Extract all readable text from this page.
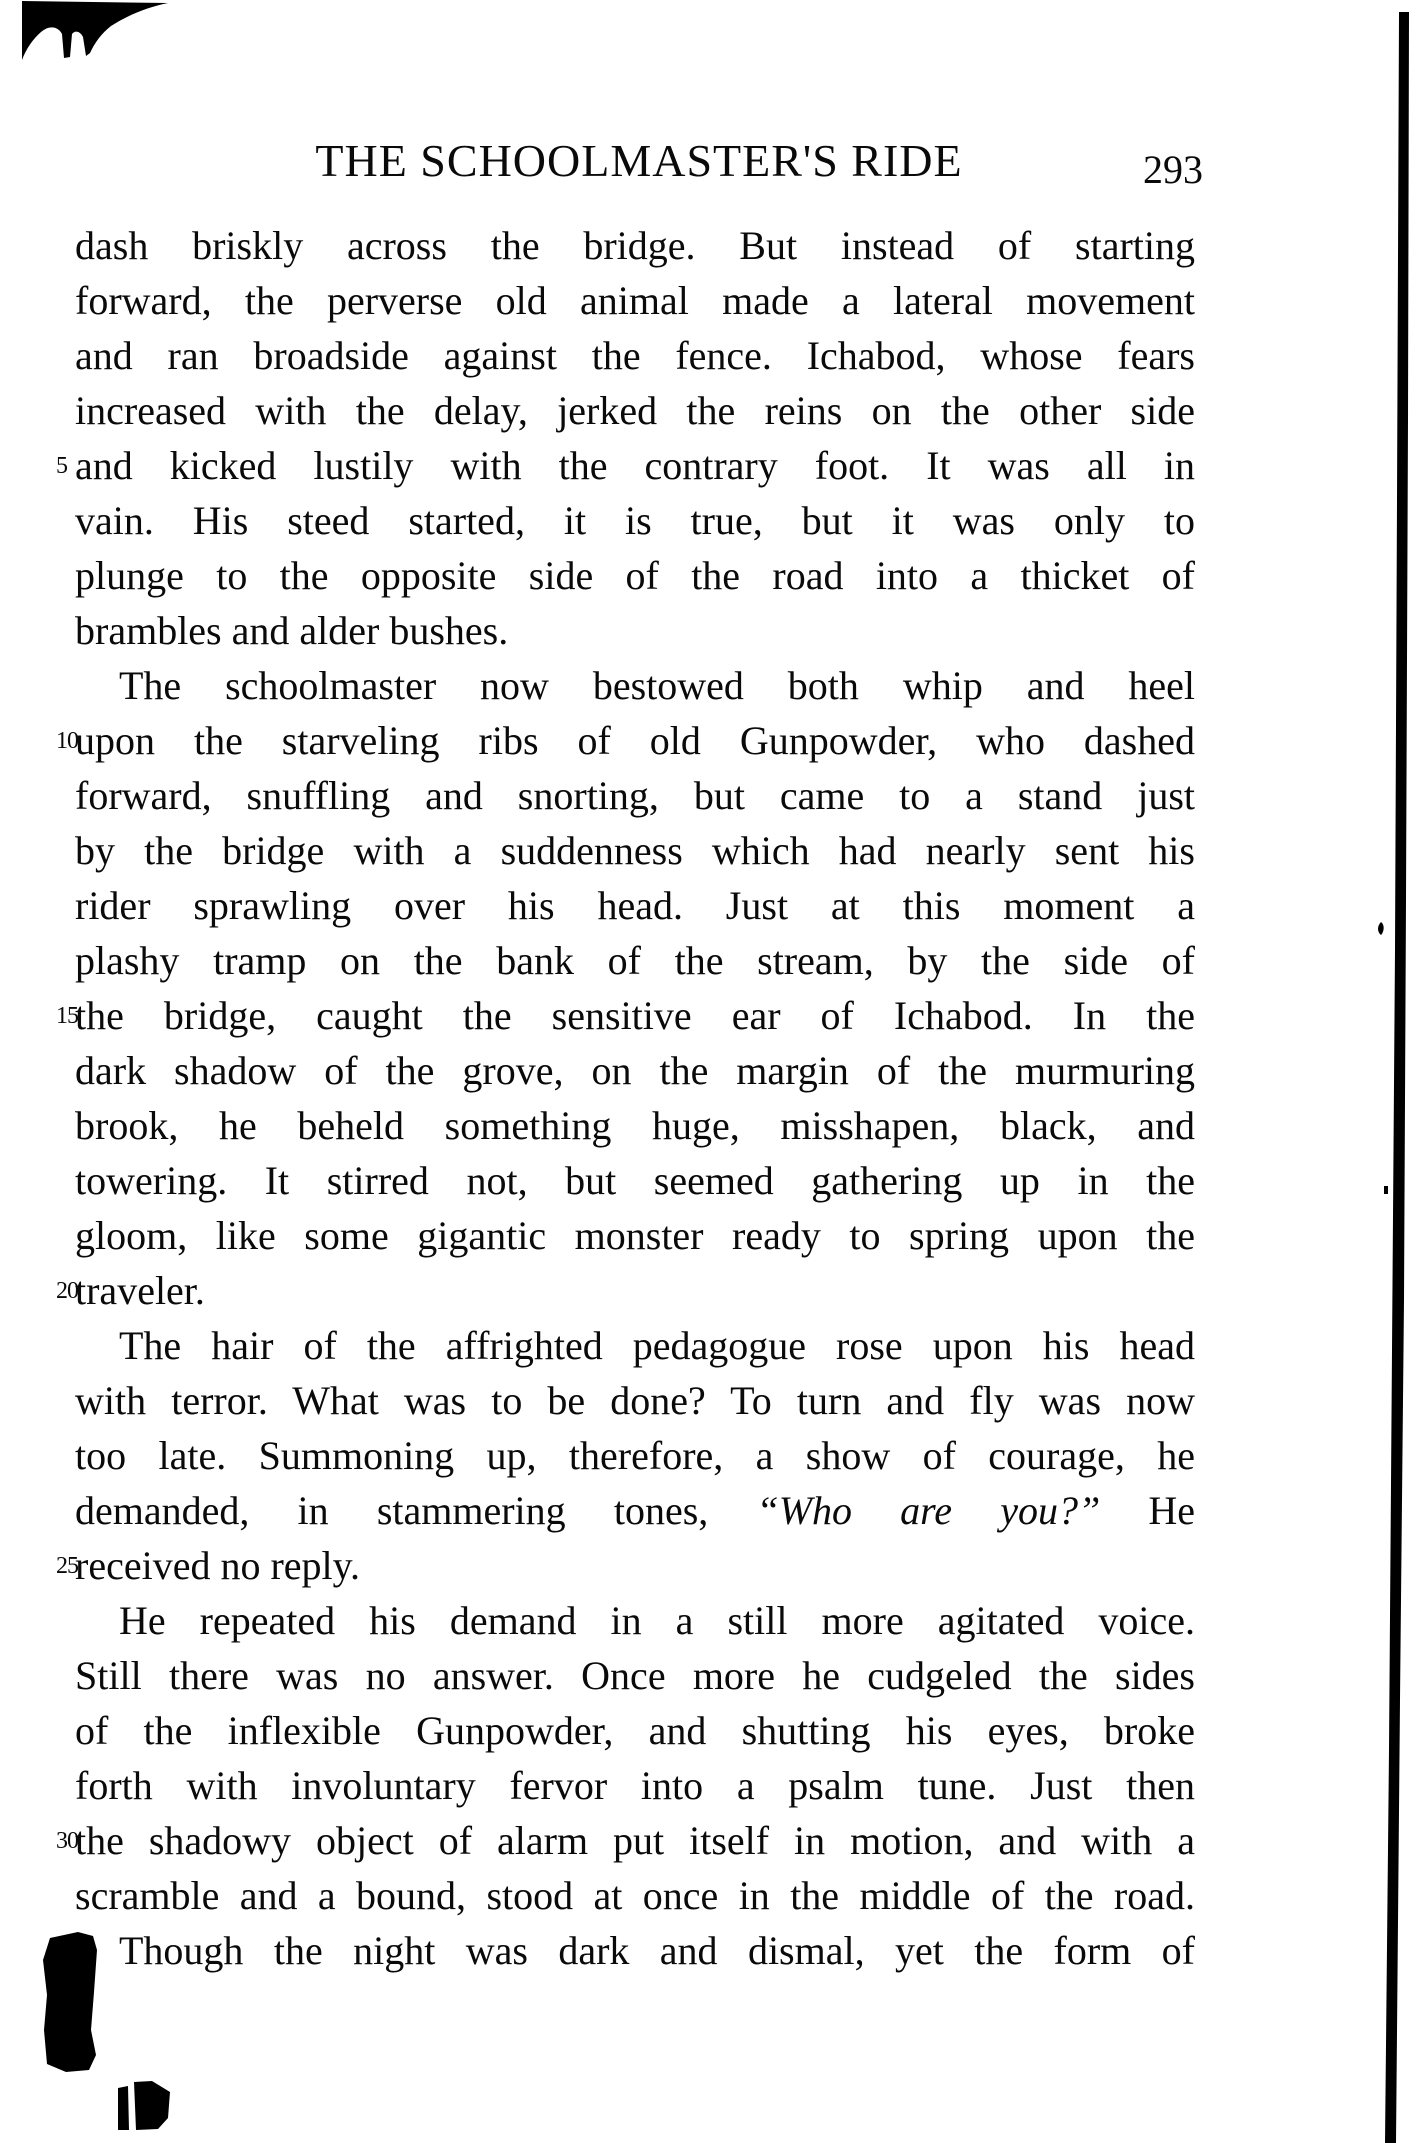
THE SCHOOLMASTER'S RIDE	293
dash briskly across the bridge. But instead of starting
forward, the perverse old animal made a lateral movement
and ran broadside against the fence. Ichabod, whose fears
increased with the delay, jerked the reins on the other side
5 and kicked lustily with the contrary foot. It was all in
vain. His steed started, it is true, but it was only to
plunge to the opposite side of the road into a thicket of
brambles and alder bushes.
The schoolmaster now bestowed both whip and heel
10
upon the starveling ribs of old Gunpowder, who dashed
forward, snuffling and snorting, but came to a stand just
by the bridge with a suddenness which had nearly sent his
rider sprawling over his head. Just at this moment a
plashy tramp on the bank of the stream, by the side of
15
the bridge, caught the sensitive ear of Ichabod. In the
dark shadow of the grove, on the margin of the murmuring
brook, he beheld something huge, misshapen, black, and
towering. It stirred not, but seemed gathering up in the
gloom, like some gigantic monster ready to spring upon the
20
traveler.
The hair of the affrighted pedagogue rose upon his head
with terror. What was to be done? To turn and fly was now
too late. Summoning up, therefore, a show of courage, he
demanded, in stammering tones, “Who are you?” He
25
received no reply.
He repeated his demand in a still more agitated voice.
Still there was no answer. Once more he cudgeled the sides
of the inflexible Gunpowder, and shutting his eyes, broke
forth with involuntary fervor into a psalm tune. Just then
30
the shadowy object of alarm put itself in motion, and with a
scramble and a bound, stood at once in the middle of the road.
Though the night was dark and dismal, yet the form of
